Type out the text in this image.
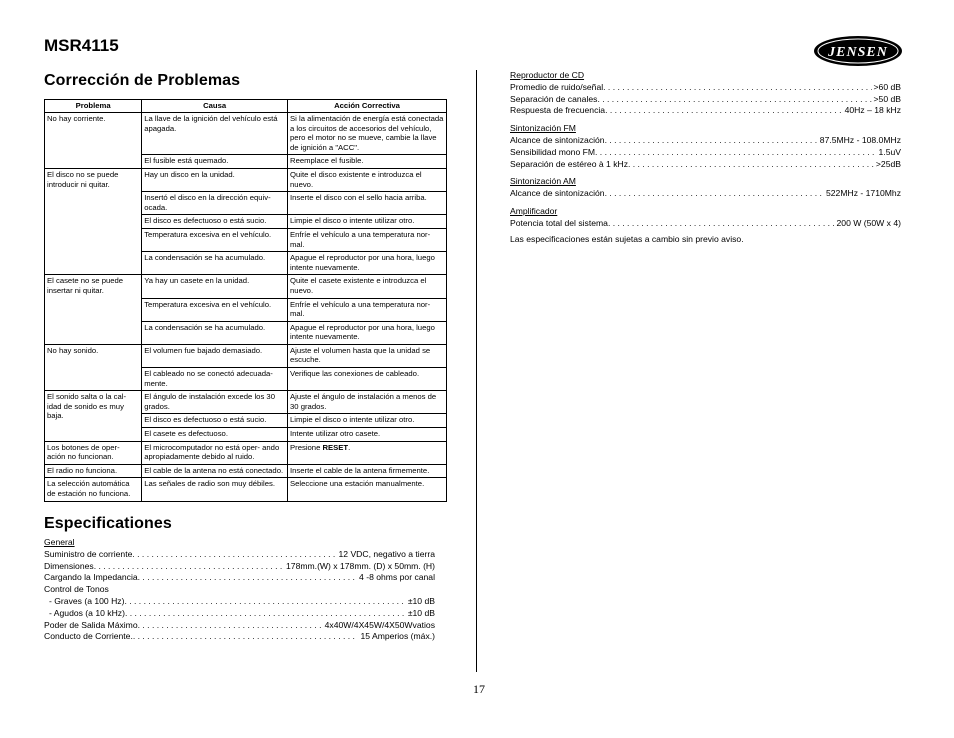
MSR4115	JENSEN
Corrección de Problemas
Problema	Causa	Acción Correctiva
No hay corriente.	La llave de la ignición del vehículo está apagada.	Si la alimentación de energía está conectada a los circuitos de accesorios del vehículo, pero el motor no se mueve, cambie la llave de ignición a "ACC".
	El fusible está quemado.	Reemplace el fusible.
El disco no se puede introducir ni quitar.	Hay un disco en la unidad.	Quite el disco existente e introduzca el nuevo.
	Insertó el disco en la dirección equiv- ocada.	Inserte el disco con el sello hacia arriba.
	El disco es defectuoso o está sucio.	Limpie el disco o intente utilizar otro.
	Temperatura excesiva en el vehículo.	Enfríe el vehículo a una temperatura nor- mal.
	La condensación se ha acumulado.	Apague el reproductor por una hora, luego intente nuevamente.
El casete no se puede insertar ni quitar.	Ya hay un casete en la unidad.	Quite el casete existente e introduzca el nuevo.
	Temperatura excesiva en el vehículo.	Enfríe el vehículo a una temperatura nor- mal.
	La condensación se ha acumulado.	Apague el reproductor por una hora, luego intente nuevamente.
No hay sonido.	El volumen fue bajado demasiado.	Ajuste el volumen hasta que la unidad se escuche.
	El cableado no se conectó adecuada- mente.	Verifique las conexiones de cableado.
El sonido salta o la cal- idad de sonido es muy baja.	El ángulo de instalación excede los 30 grados.	Ajuste el ángulo de instalación a menos de 30 grados.
	El disco es defectuoso o está sucio.	Limpie el disco o intente utilizar otro.
	El casete es defectuoso.	Intente utilizar otro casete.
Los botones de oper- ación no funcionan.	El microcomputador no está oper- ando apropiadamente debido al ruido.	Presione RESET.
El radio no funciona.	El cable de la antena no está conectado.	Inserte el cable de la antena firmemente.
La selección automática de estación no funciona.	Las señales de radio son muy débiles.	Seleccione una estación manualmente.
Especificationes
General
Suministro de corriente . . .	12 VDC, negativo a tierra
Dimensiones . . .	178mm.(W) x 178mm. (D) x 50mm. (H)
Cargando la Impedancia . . .	4 -8 ohms por canal
Control de Tonos
- Graves (a 100 Hz) . . .	±10 dB
- Agudos (a 10 kHz) . . .	±10 dB
Poder de Salida Máximo . . .	4x40W/4X45W/4X50Wvatios
Conducto de Corriente. . . .	15 Amperios (máx.)
Reproductor de CD
Promedio de ruido/señal . . .	>60 dB
Separación de canales . . .	>50 dB
Respuesta de frecuencia . . .	40Hz – 18 kHz
Sintonización FM
Alcance de sintonización . . .	87.5MHz - 108.0MHz
Sensibilidad mono FM . . .	1.5uV
Separación de estéreo à 1 kHz . . .	>25dB
Sintonización AM
Alcance de sintonización . . .	522MHz - 1710Mhz
Amplificador
Potencia total del sistema . . .	200 W (50W x 4)
Las especificaciones están sujetas a cambio sin previo aviso.
17
